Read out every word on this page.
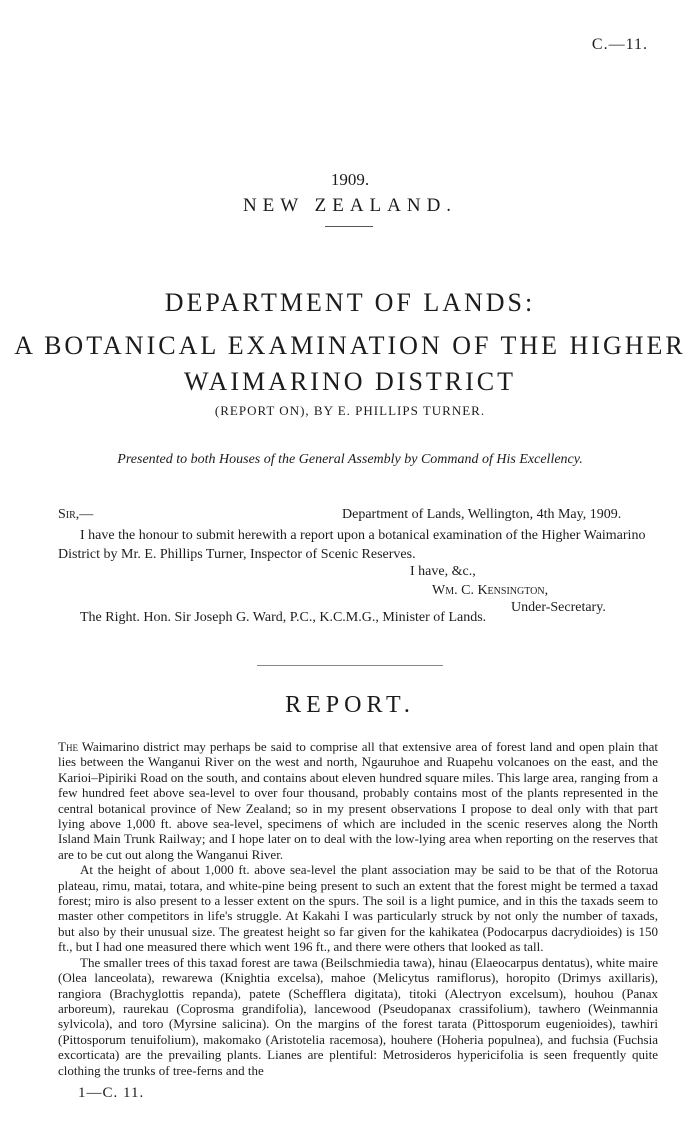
C.—11.
1909.
NEW ZEALAND.
DEPARTMENT OF LANDS:
A BOTANICAL EXAMINATION OF THE HIGHER
WAIMARINO DISTRICT
(REPORT ON), BY E. PHILLIPS TURNER.
Presented to both Houses of the General Assembly by Command of His Excellency.
Sir,—	Department of Lands, Wellington, 4th May, 1909.
I have the honour to submit herewith a report upon a botanical examination of the Higher Waimarino District by Mr. E. Phillips Turner, Inspector of Scenic Reserves.
I have, &c.,
Wm. C. Kensington,
Under-Secretary.
The Right. Hon. Sir Joseph G. Ward, P.C., K.C.M.G., Minister of Lands.
REPORT.

The Waimarino district may perhaps be said to comprise all that extensive area of forest land and open plain that lies between the Wanganui River on the west and north, Ngauruhoe and Ruapehu volcanoes on the east, and the Karioi–Pipiriki Road on the south, and contains about eleven hundred square miles. This large area, ranging from a few hundred feet above sea-level to over four thousand, probably contains most of the plants represented in the central botanical province of New Zealand; so in my present observations I propose to deal only with that part lying above 1,000 ft. above sea-level, specimens of which are included in the scenic reserves along the North Island Main Trunk Railway; and I hope later on to deal with the low-lying area when reporting on the reserves that are to be cut out along the Wanganui River.

At the height of about 1,000 ft. above sea-level the plant association may be said to be that of the Rotorua plateau, rimu, matai, totara, and white-pine being present to such an extent that the forest might be termed a taxad forest; miro is also present to a lesser extent on the spurs. The soil is a light pumice, and in this the taxads seem to master other competitors in life's struggle. At Kakahi I was particularly struck by not only the number of taxads, but also by their unusual size. The greatest height so far given for the kahikatea (Podocarpus dacrydioides) is 150 ft., but I had one measured there which went 196 ft., and there were others that looked as tall.

The smaller trees of this taxad forest are tawa (Beilschmiedia tawa), hinau (Elaeocarpus dentatus), white maire (Olea lanceolata), rewarewa (Knightia excelsa), mahoe (Melicytus ramiflorus), horopito (Drimys axillaris), rangiora (Brachyglottis repanda), patete (Schefflera digitata), titoki (Alectryon excelsum), houhou (Panax arboreum), raurekau (Coprosma grandifolia), lancewood (Pseudopanax crassifolium), tawhero (Weinmannia sylvicola), and toro (Myrsine salicina). On the margins of the forest tarata (Pittosporum eugenioides), tawhiri (Pittosporum tenuifolium), makomako (Aristotelia racemosa), houhere (Hoheria populnea), and fuchsia (Fuchsia excorticata) are the prevailing plants. Lianes are plentiful: Metrosideros hypericifolia is seen frequently quite clothing the trunks of tree-ferns and the

1—C. 11.
